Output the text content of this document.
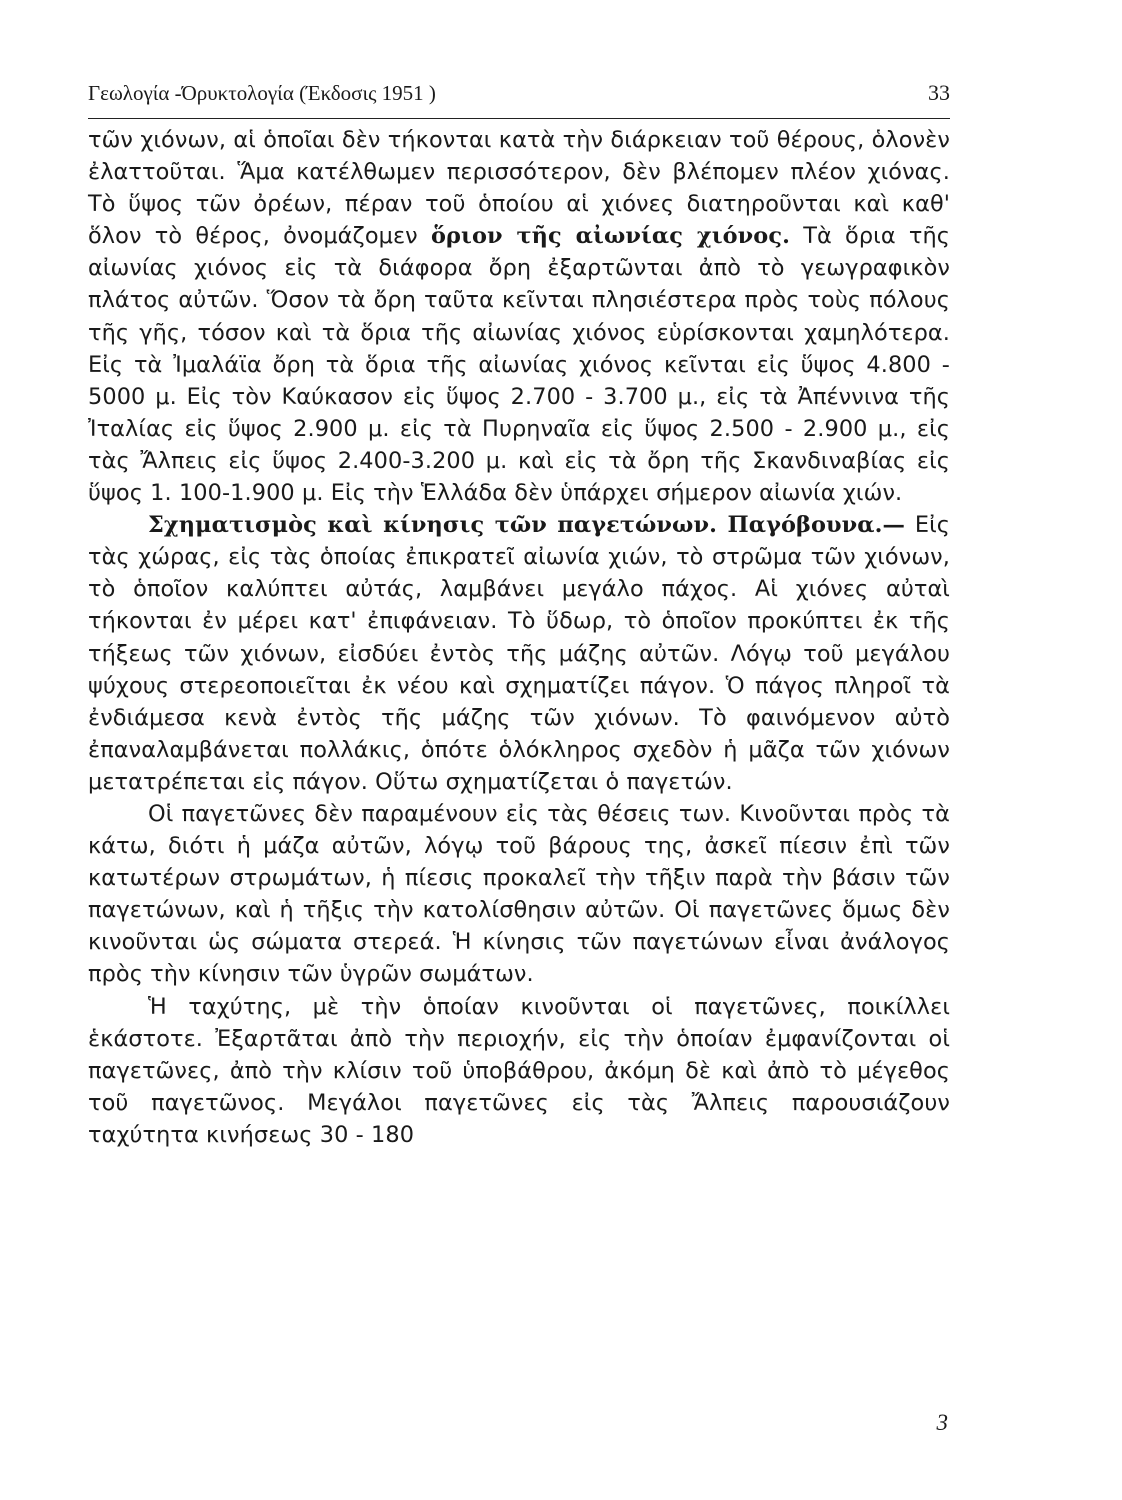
Γεωλογία -Όρυκτολογία (Έκδοσις 1951 )	33

τῶν χιόνων, αἱ ὁποῖαι δὲν τήκονται κατὰ τὴν διάρκειαν τοῦ θέρους, ὁλονὲν ἐλαττοῦται. Ἅμα κατέλθωμεν περισσότερον, δὲν βλέπομεν πλέον χιόνας. Τὸ ὕψος τῶν ὀρέων, πέραν τοῦ ὁποίου αἱ χιόνες διατηροῦνται καὶ καθ' ὅλον τὸ θέρος, ὀνομάζομεν ὅριον τῆς αἰωνίας χιόνος. Τὰ ὅρια τῆς αἰωνίας χιόνος εἰς τὰ διάφορα ὄρη ἐξαρτῶνται ἀπὸ τὸ γεωγραφικὸν πλάτος αὐτῶν. Ὅσον τὰ ὄρη ταῦτα κεῖνται πλησιέστερα πρὸς τοὺς πόλους τῆς γῆς, τόσον καὶ τὰ ὅρια τῆς αἰωνίας χιόνος εὑρίσκονται χαμηλότερα. Εἰς τὰ Ἰμαλάϊα ὄρη τὰ ὅρια τῆς αἰωνίας χιόνος κεῖνται εἰς ὕψος 4.800 - 5000 μ. Εἰς τὸν Καύκασον εἰς ὕψος 2.700 - 3.700 μ., εἰς τὰ Ἀπέννινα τῆς Ἰταλίας εἰς ὕψος 2.900 μ. εἰς τὰ Πυρηναῖα εἰς ὕψος 2.500 - 2.900 μ., εἰς τὰς Ἄλπεις εἰς ὕψος 2.400-3.200 μ. καὶ εἰς τὰ ὄρη τῆς Σκανδιναβίας εἰς ὕψος 1. 100-1.900 μ. Εἰς τὴν Ἑλλάδα δὲν ὑπάρχει σήμερον αἰωνία χιών.

Σχηματισμὸς καὶ κίνησις τῶν παγετώνων. Παγόβουνα.— Εἰς τὰς χώρας, εἰς τὰς ὁποίας ἐπικρατεῖ αἰωνία χιών, τὸ στρῶμα τῶν χιόνων, τὸ ὁποῖον καλύπτει αὐτάς, λαμβάνει μεγάλο πάχος. Αἱ χιόνες αὐταὶ τήκονται ἐν μέρει κατ' ἐπιφάνειαν. Τὸ ὕδωρ, τὸ ὁποῖον προκύπτει ἐκ τῆς τήξεως τῶν χιόνων, εἰσδύει ἐντὸς τῆς μάζης αὐτῶν. Λόγῳ τοῦ μεγάλου ψύχους στερεοποιεῖται ἐκ νέου καὶ σχηματίζει πάγον. Ὁ πάγος πληροῖ τὰ ἐνδιάμεσα κενὰ ἐντὸς τῆς μάζης τῶν χιόνων. Τὸ φαινόμενον αὐτὸ ἐπαναλαμβάνεται πολλάκις, ὁπότε ὁλόκληρος σχεδὸν ἡ μᾶζα τῶν χιόνων μετατρέπεται εἰς πάγον. Οὕτω σχηματίζεται ὁ παγετών.

Οἱ παγετῶνες δὲν παραμένουν εἰς τὰς θέσεις των. Κινοῦνται πρὸς τὰ κάτω, διότι ἡ μάζα αὐτῶν, λόγῳ τοῦ βάρους της, ἀσκεῖ πίεσιν ἐπὶ τῶν κατωτέρων στρωμάτων, ἡ πίεσις προκαλεῖ τὴν τῆξιν παρὰ τὴν βάσιν τῶν παγετώνων, καὶ ἡ τῆξις τὴν κατολίσθησιν αὐτῶν. Οἱ παγετῶνες ὅμως δὲν κινοῦνται ὡς σώματα στερεά. Ἡ κίνησις τῶν παγετώνων εἶναι ἀνάλογος πρὸς τὴν κίνησιν τῶν ὑγρῶν σωμάτων.

Ἡ ταχύτης, μὲ τὴν ὁποίαν κινοῦνται οἱ παγετῶνες, ποικίλλει ἑκάστοτε. Ἐξαρτᾶται ἀπὸ τὴν περιοχήν, εἰς τὴν ὁποίαν ἐμφανίζονται οἱ παγετῶνες, ἀπὸ τὴν κλίσιν τοῦ ὑποβάθρου, ἀκόμη δὲ καὶ ἀπὸ τὸ μέγεθος τοῦ παγετῶνος. Μεγάλοι παγετῶνες εἰς τὰς Ἄλπεις παρουσιάζουν ταχύτητα κινήσεως 30 - 180

3
